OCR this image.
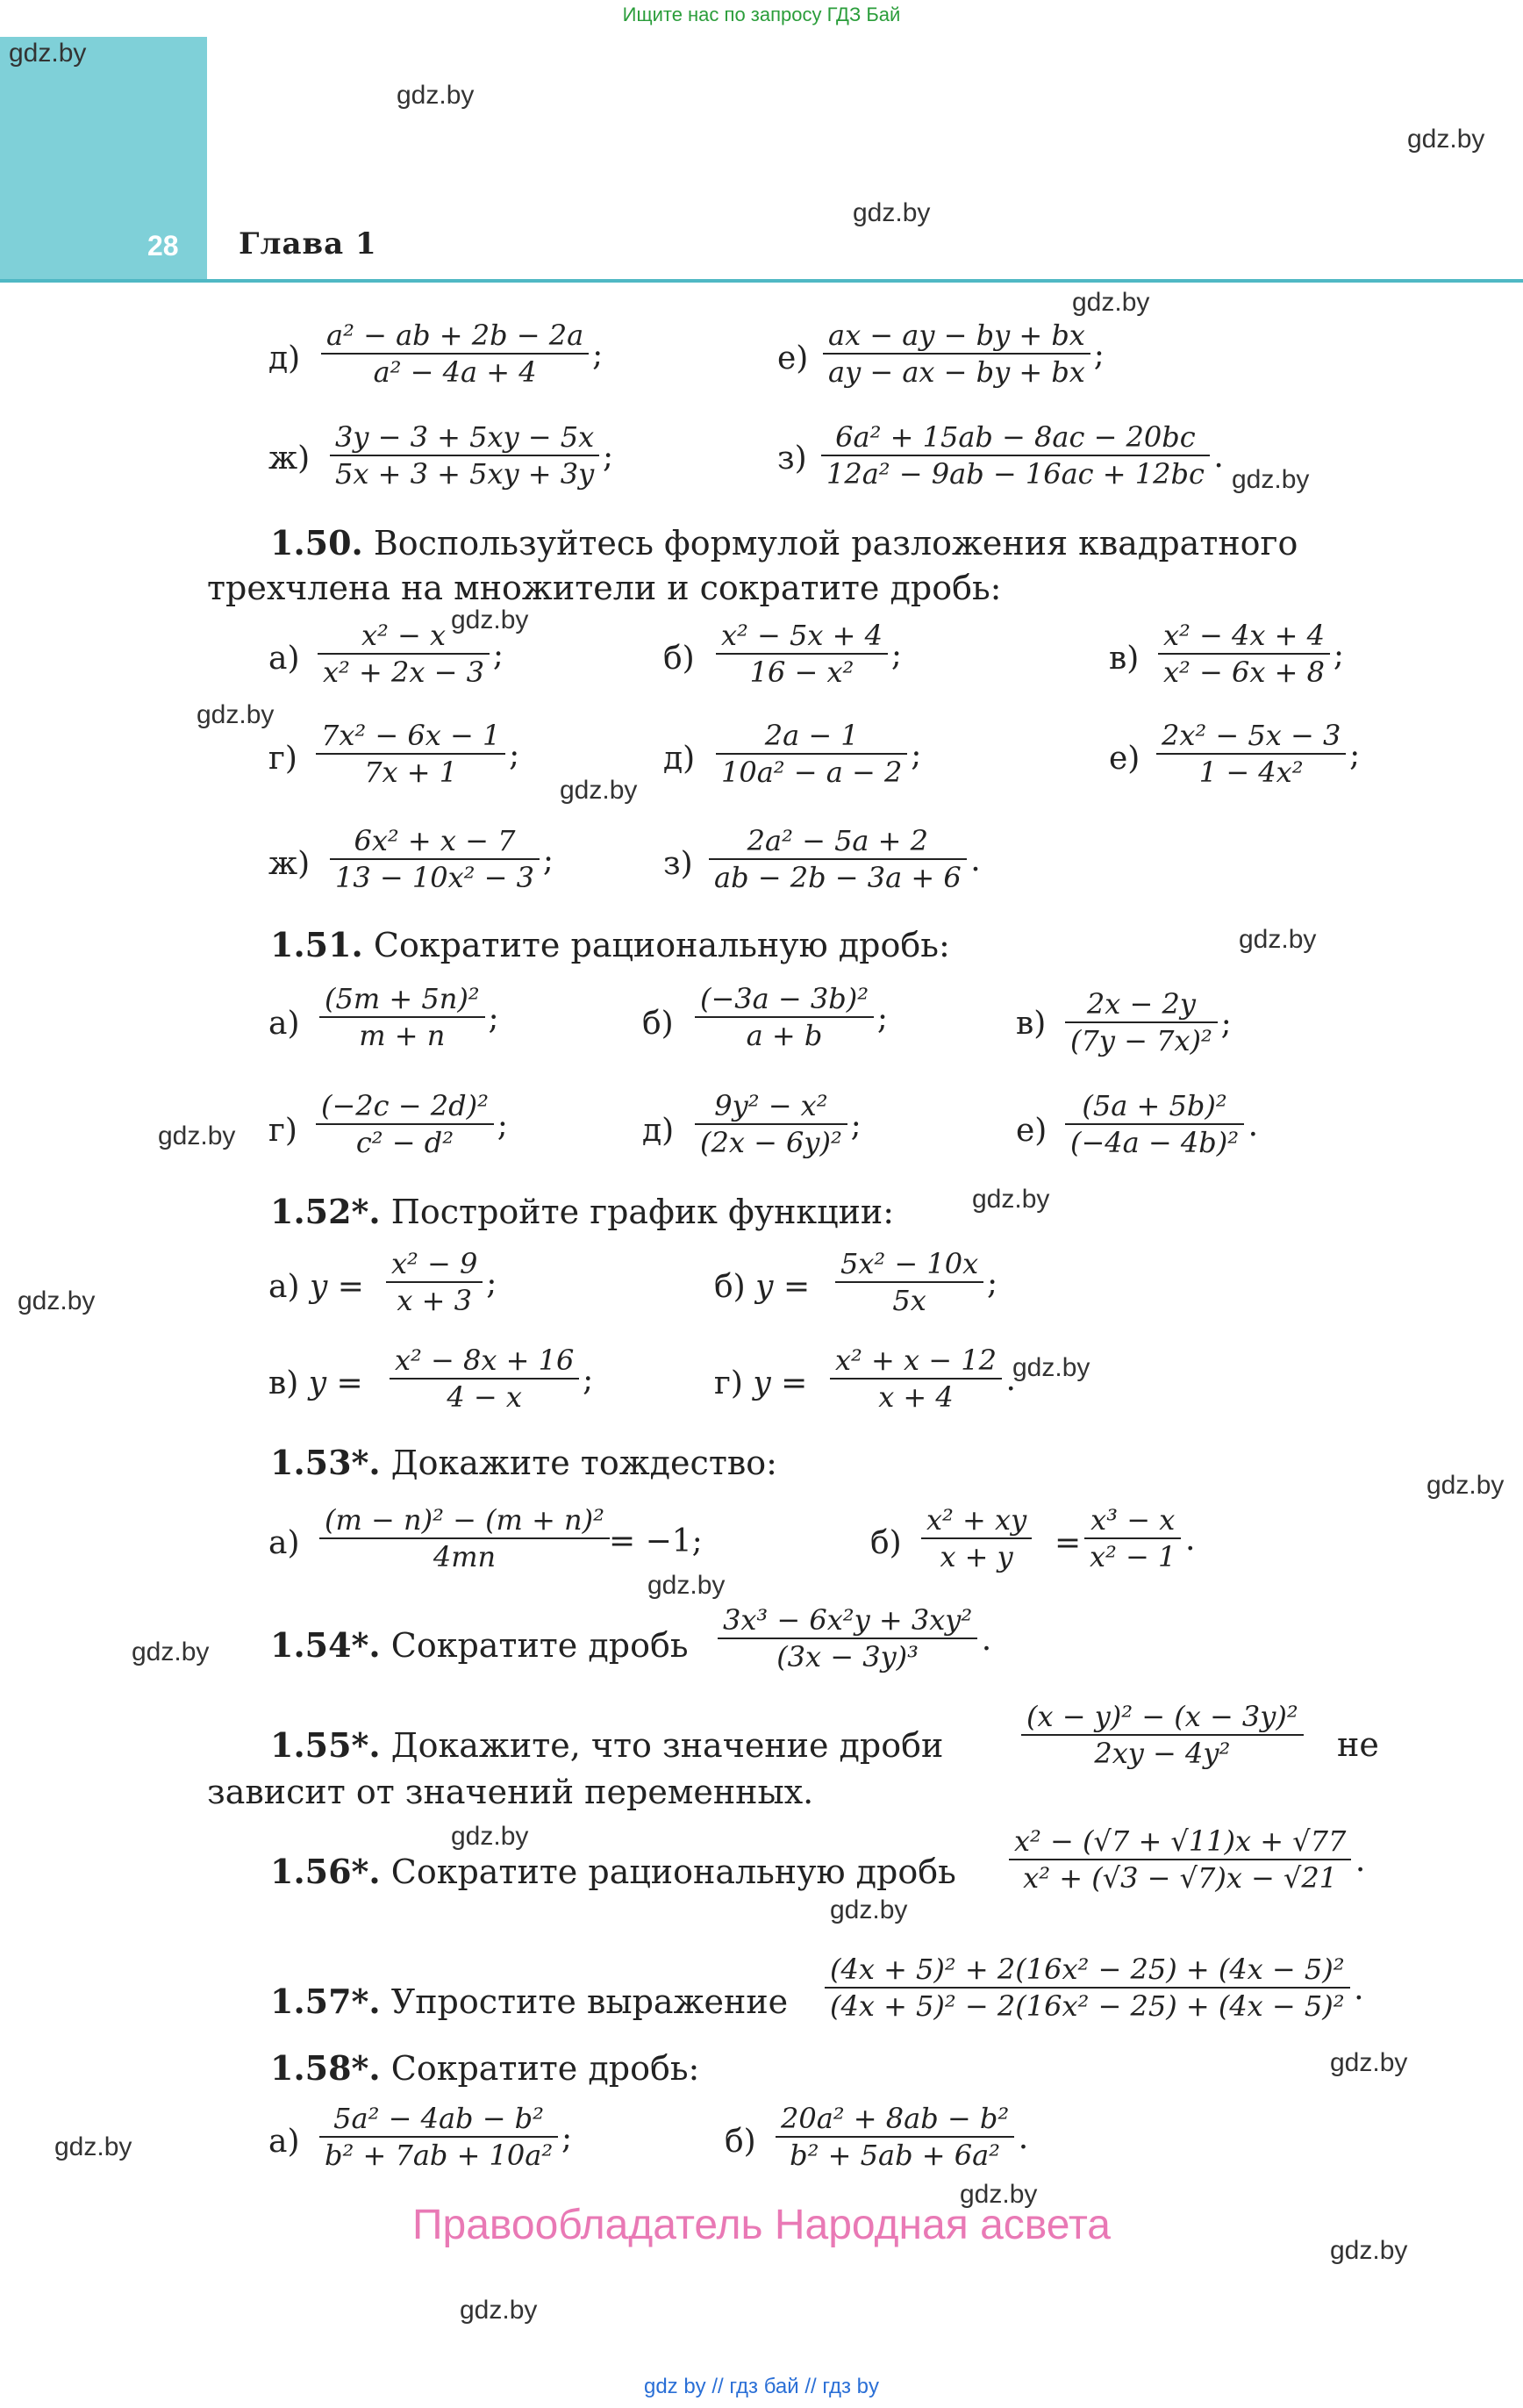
Ищите нас по запросу ГДЗ Бай
28 Глава 1
gdz.by
gdz.by
gdz.by
gdz.by
gdz.by
gdz.by
gdz.by
gdz.by
gdz.by
gdz.by
gdz.by
gdz.by
gdz.by
gdz.by
gdz.by
gdz.by
gdz.by
gdz.by
gdz.by
gdz.by
gdz.by
gdz.by
gdz.by
gdz.by
д)
a² − ab + 2b − 2a
a² − 4a + 4	;	е)
ax − ay − by + bx
ay − ax − by + bx ;
ж)
3y − 3 + 5xy − 5x
5x + 3 + 5xy + 3y ;	з)
6a² + 15ab − 8ac − 20bc
12a² − 9ab − 16ac + 12bc .
1.50. Воспользуйтесь формулой разложения квадратного
трехчлена на множители и сократите дробь:
а)
x² − x
x² + 2x − 3 ;	б)
x² − 5x + 4
16 − x²	;	в)
x² − 4x + 4
x² − 6x + 8 ;
г)
7x² − 6x − 1
7x + 1	;	д)
2a − 1
10a² − a − 2 ;	е)
2x² − 5x − 3
1 − 4x²	;
ж)
6x² + x − 7
13 − 10x² − 3 ;	з)
2a² − 5a + 2
ab − 2b − 3a + 6 .
1.51. Сократите рациональную дробь:
а)
(5m + 5n)²
m + n	;	б)
(−3a − 3b)²
a + b	;	в)
2x − 2y
(7y − 7x)² ;
г)
(−2c − 2d)²
c² − d²	;	д)
9y² − x²
(2x − 6y)² ;	е)
(5a + 5b)²
(−4a − 4b)² .
1.52*. Постройте график функции:
а) y =
x² − 9
x + 3 ;	б) y =
5x² − 10x
5x	;
в) y =
x² − 8x + 16
4 − x	;	г) y =
x² + x − 12
x + 4	.
1.53*. Докажите тождество:
$а) \frac{\text{(m − n)² − (m + n)²}}{4mn} = -1$;	$б) \frac{\text{x² + xy}}{x + y}$ =
x³ − x
x² − 1 .
1.54*. Сократите дробь
3x³ − 6x²y + 3xy²
(3x − 3y)³	.
1.55*. Докажите, что значение дроби	$\frac{\text{(x − y)² − (x − 3y)²}}{\text{2xy − 4y²}}$ не
зависит от значений переменных.
1.56*. Сократите рациональную дробь
x² − (√7 + √11)x + √77
x² + (√3 − √7)x − √21 .
1.57*. Упростите выражение
(4x + 5)² + 2(16x² − 25) + (4x − 5)²
(4x + 5)² − 2(16x² − 25) + (4x − 5)² .
1.58*. Сократите дробь:
а)
5a² − 4ab − b²
b² + 7ab + 10a² ;	б)
20a² + 8ab − b²
b² + 5ab + 6a² .
Правообладатель Народная асвета
gdz by // гдз бай // гдз by
